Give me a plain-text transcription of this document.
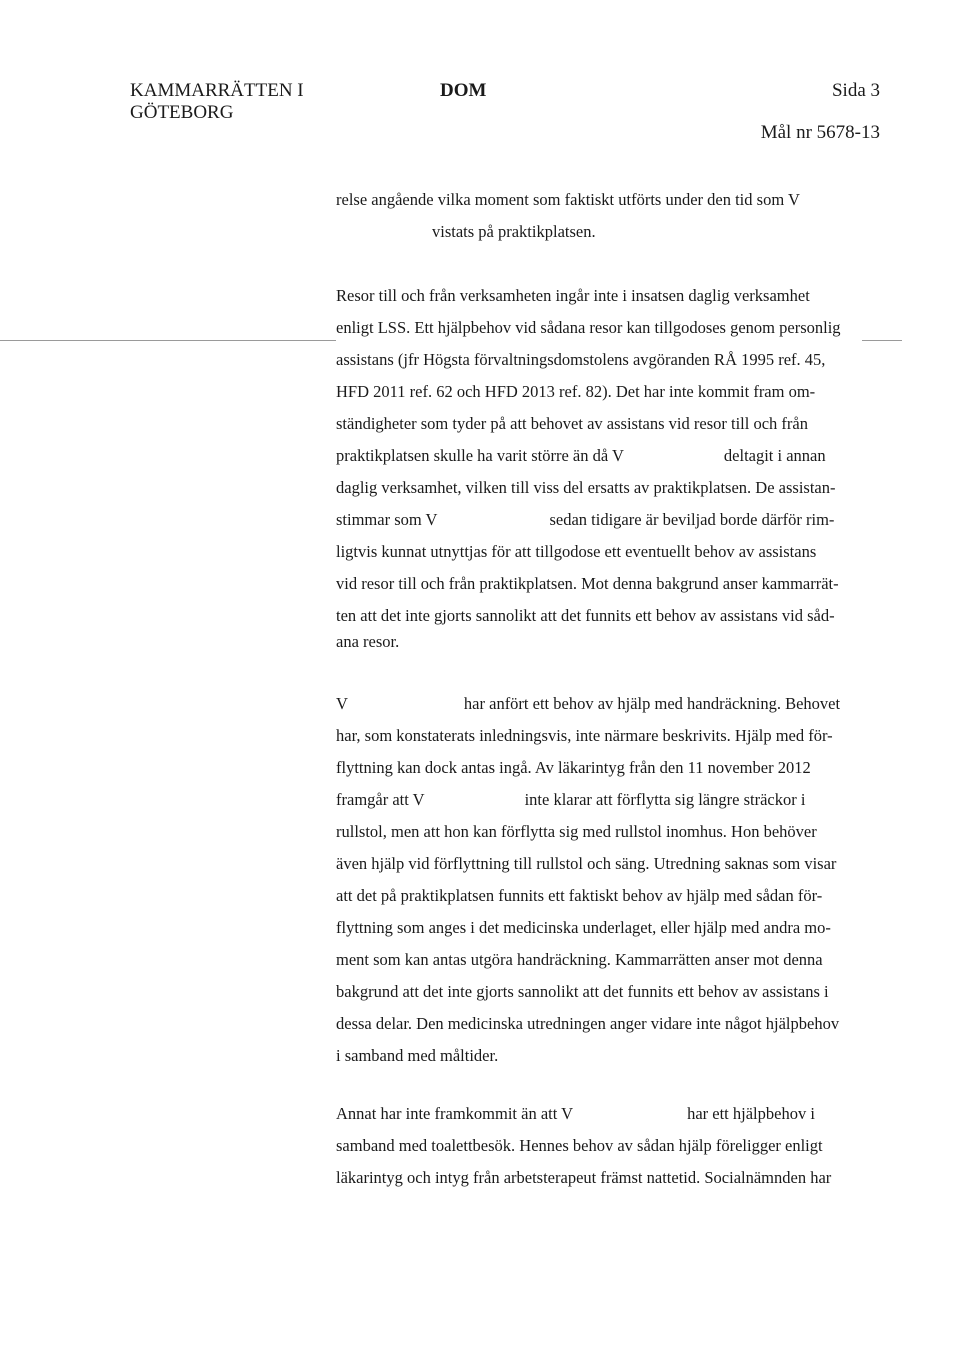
KAMMARRÄTTEN I
GÖTEBORG
DOM	Sida 3
Mål nr 5678-13
relse angående vilka moment som faktiskt utförts under den tid som V
vistats på praktikplatsen.
Resor till och från verksamheten ingår inte i insatsen daglig verksamhet
enligt LSS. Ett hjälpbehov vid sådana resor kan tillgodoses genom personlig
assistans (jfr Högsta förvaltningsdomstolens avgöranden RÅ 1995 ref. 45,
HFD 2011 ref. 62 och HFD 2013 ref. 82). Det har inte kommit fram om-
ständigheter som tyder på att behovet av assistans vid resor till och från
praktikplatsen skulle ha varit större än då V	deltagit i annan
daglig verksamhet, vilken till viss del ersatts av praktikplatsen. De assistan-
stimmar som V	sedan tidigare är beviljad borde därför rim-
ligtvis kunnat utnyttjas för att tillgodose ett eventuellt behov av assistans
vid resor till och från praktikplatsen. Mot denna bakgrund anser kammarrät-
ten att det inte gjorts sannolikt att det funnits ett behov av assistans vid såd-
ana resor.
V	har anfört ett behov av hjälp med handräckning. Behovet
har, som konstaterats inledningsvis, inte närmare beskrivits. Hjälp med för-
flyttning kan dock antas ingå. Av läkarintyg från den 11 november 2012
framgår att V	inte klarar att förflytta sig längre sträckor i
rullstol, men att hon kan förflytta sig med rullstol inomhus. Hon behöver
även hjälp vid förflyttning till rullstol och säng. Utredning saknas som visar
att det på praktikplatsen funnits ett faktiskt behov av hjälp med sådan för-
flyttning som anges i det medicinska underlaget, eller hjälp med andra mo-
ment som kan antas utgöra handräckning. Kammarrätten anser mot denna
bakgrund att det inte gjorts sannolikt att det funnits ett behov av assistans i
dessa delar. Den medicinska utredningen anger vidare inte något hjälpbehov
i samband med måltider.
Annat har inte framkommit än att V	har ett hjälpbehov i
samband med toalettbesök. Hennes behov av sådan hjälp föreligger enligt
läkarintyg och intyg från arbetsterapeut främst nattetid. Socialnämnden har
